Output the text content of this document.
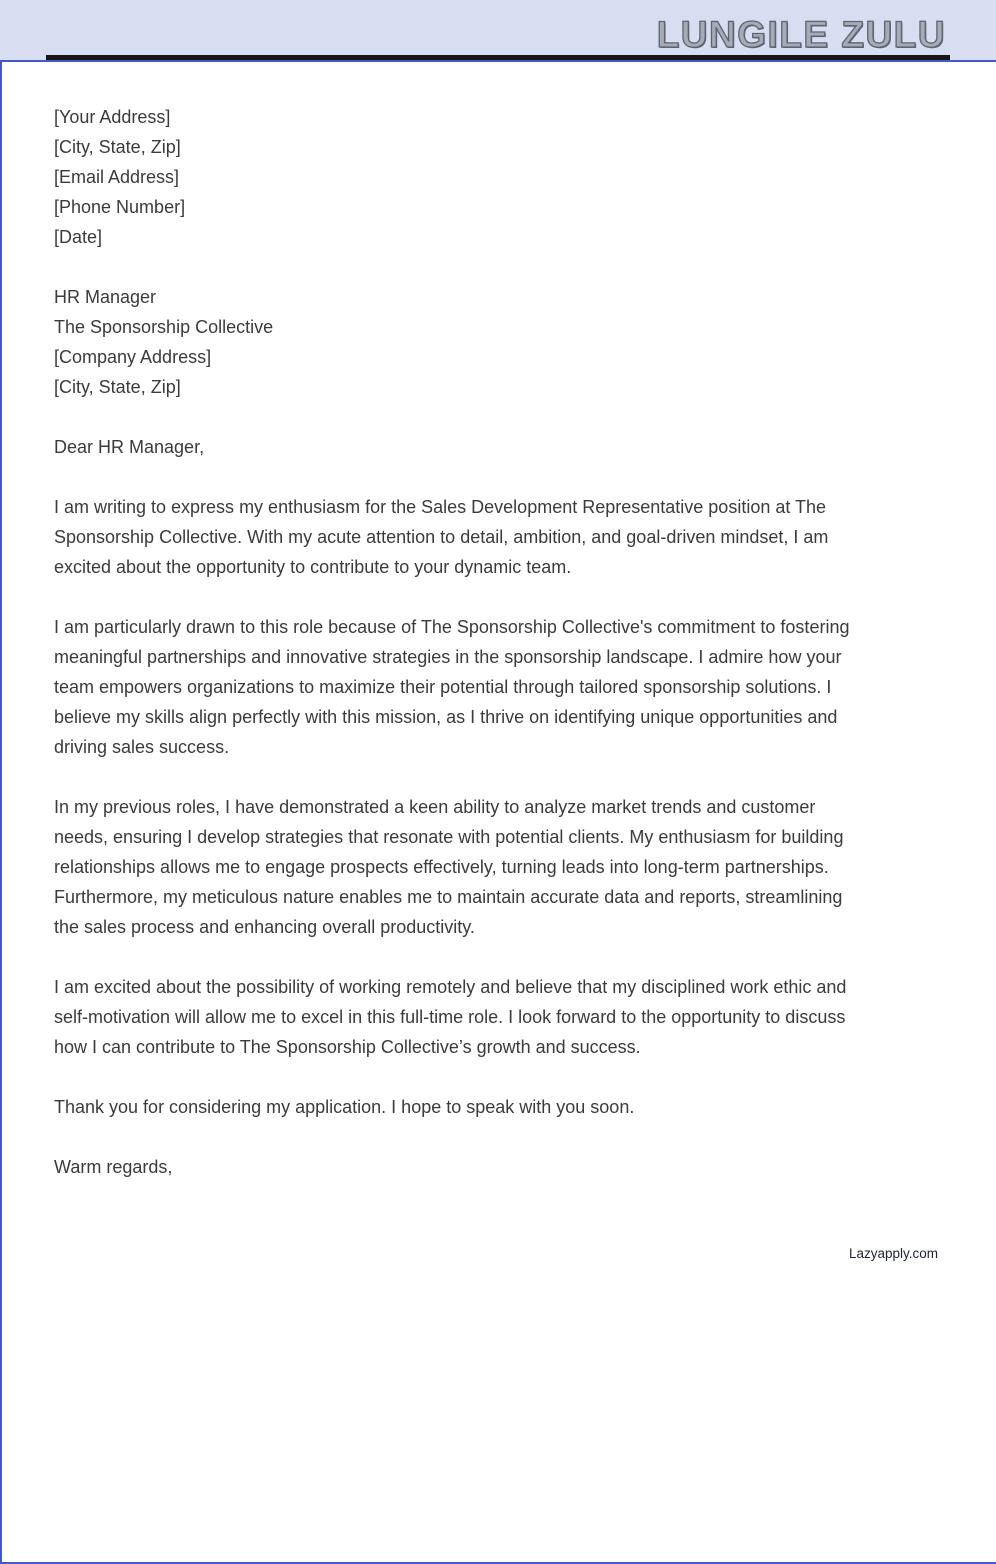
LUNGILE ZULU

[Your Address]

[City, State, Zip]

[Email Address]

[Phone Number]

[Date]

HR Manager

The Sponsorship Collective

[Company Address]

[City, State, Zip]

Dear HR Manager,

I am writing to express my enthusiasm for the Sales Development Representative position at The Sponsorship Collective. With my acute attention to detail, ambition, and goal-driven mindset, I am excited about the opportunity to contribute to your dynamic team.

I am particularly drawn to this role because of The Sponsorship Collective's commitment to fostering meaningful partnerships and innovative strategies in the sponsorship landscape. I admire how your team empowers organizations to maximize their potential through tailored sponsorship solutions. I believe my skills align perfectly with this mission, as I thrive on identifying unique opportunities and driving sales success.

In my previous roles, I have demonstrated a keen ability to analyze market trends and customer needs, ensuring I develop strategies that resonate with potential clients. My enthusiasm for building relationships allows me to engage prospects effectively, turning leads into long-term partnerships. Furthermore, my meticulous nature enables me to maintain accurate data and reports, streamlining the sales process and enhancing overall productivity.

I am excited about the possibility of working remotely and believe that my disciplined work ethic and self-motivation will allow me to excel in this full-time role. I look forward to the opportunity to discuss how I can contribute to The Sponsorship Collective’s growth and success.

Thank you for considering my application. I hope to speak with you soon.

Warm regards,

Lazyapply.com
